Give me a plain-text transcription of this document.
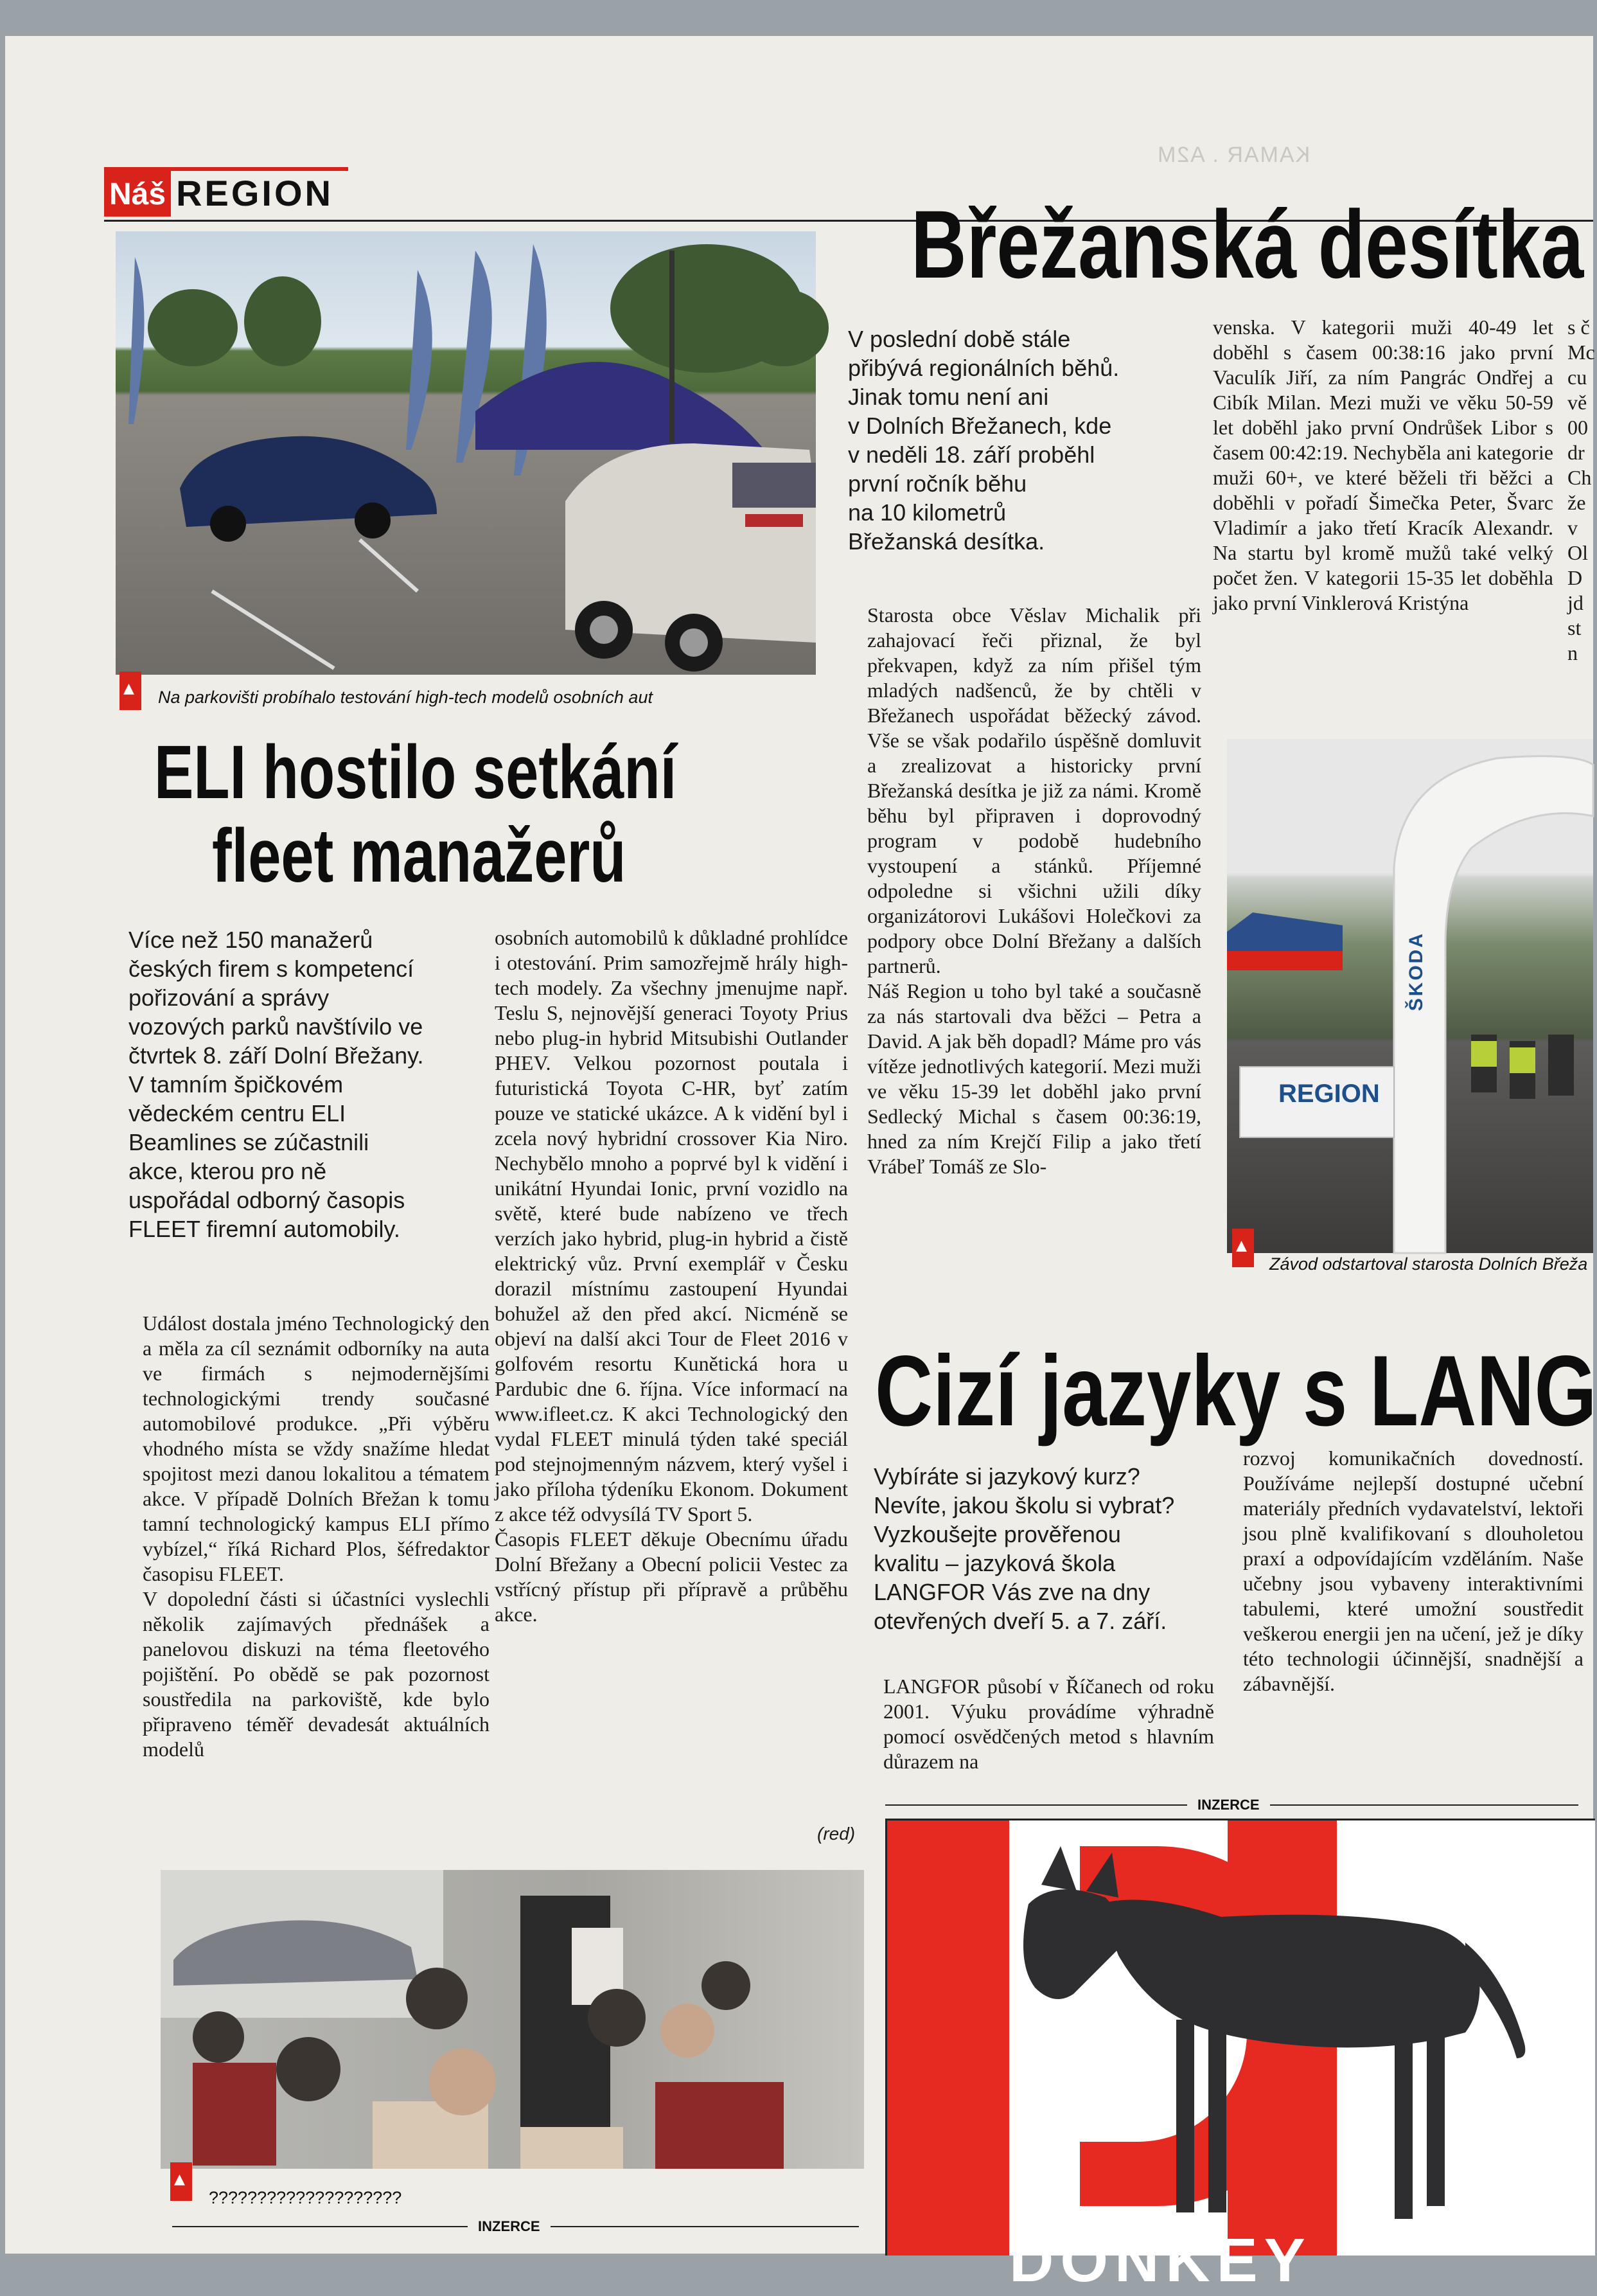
KAMAR . A2M
Náš REGION
▲
Na parkovišti probíhalo testování high-tech modelů osobních aut
ELI hostilo setkání
fleet manažerů
Více než 150 manažerů
českých firem s kompetencí
pořizování a správy
vozových parků navštívilo ve
čtvrtek 8. září Dolní Břežany.
V tamním špičkovém
vědeckém centru ELI
Beamlines se zúčastnili
akce, kterou pro ně
uspořádal odborný časopis
FLEET firemní automobily.

Událost dostala jméno Technologický den a měla za cíl seznámit odborníky na auta ve firmách s nejmodernějšími technologickými trendy současné automobilové produkce. „Při výběru vhodného místa se vždy snažíme hledat spojitost mezi danou lokalitou a tématem akce. V případě Dolních Břežan k tomu tamní technologický kampus ELI přímo vybízel,“ říká Richard Plos, šéfredaktor časopisu FLEET.

V dopolední části si účastníci vyslechli několik zajímavých přednášek a panelovou diskuzi na téma fleetového pojištění. Po obědě se pak pozornost soustředila na parkoviště, kde bylo připraveno téměř devadesát aktuálních modelů

osobních automobilů k důkladné prohlídce i otestování. Prim samozřejmě hrály high-tech modely. Za všechny jmenujme např. Teslu S, nejnovější generaci Toyoty Prius nebo plug-in hybrid Mitsubishi Outlander PHEV. Velkou pozornost poutala i futuristická Toyota C-HR, byť zatím pouze ve statické ukázce. A k vidění byl i zcela nový hybridní crossover Kia Niro. Nechybělo mnoho a poprvé byl k vidění i unikátní Hyundai Ionic, první vozidlo na světě, které bude nabízeno ve třech verzích jako hybrid, plug-in hybrid a čistě elektrický vůz. První exemplář v Česku dorazil místnímu zastoupení Hyundai bohužel až den před akcí. Nicméně se objeví na další akci Tour de Fleet 2016 v golfovém resortu Kunětická hora u Pardubic dne 6. října. Více informací na www.ifleet.cz. K akci Technologický den vydal FLEET minulá týden také speciál pod stejnojmenným názvem, který vyšel i jako příloha týdeníku Ekonom. Dokument z akce též odvysílá TV Sport 5.

Časopis FLEET děkuje Obecnímu úřadu Dolní Břežany a Obecní policii Vestec za vstřícný přístup při přípravě a průběhu akce.

(red)
▲
????????????????????
INZERCE
Břežanská desítka
V poslední době stále
přibývá regionálních běhů.
Jinak tomu není ani
v Dolních Břežanech, kde
v neděli 18. září proběhl
první ročník běhu
na 10 kilometrů
Břežanská desítka.

Starosta obce Věslav Michalik při zahajovací řeči přiznal, že byl překvapen, když za ním přišel tým mladých nadšenců, že by chtěli v Břežanech uspořádat běžecký závod. Vše se však podařilo úspěšně domluvit a zrealizovat a historicky první Břežanská desítka je již za námi. Kromě běhu byl připraven i doprovodný program v podobě hudebního vystoupení a stánků. Příjemné odpoledne si všichni užili díky organizátorovi Lukášovi Holečkovi za podpory obce Dolní Břežany a dalších partnerů.

Náš Region u toho byl také a současně za nás startovali dva běžci – Petra a David. A jak běh dopadl? Máme pro vás vítěze jednotlivých kategorií. Mezi muži ve věku 15-39 let doběhl jako první Sedlecký Michal s časem 00:36:19, hned za ním Krejčí Filip a jako třetí Vrábeľ Tomáš ze Slo-

venska. V kategorii muži 40-49 let doběhl s časem 00:38:16 jako první Vaculík Jiří, za ním Pangrác Ondřej a Cibík Milan. Mezi muži ve věku 50-59 let doběhl jako první Ondrůšek Libor s časem 00:42:19. Nechyběla ani kategorie muži 60+, ve které běželi tři běžci a doběhli v pořadí Šimečka Peter, Švarc Vladimír a jako třetí Kracík Alexandr. Na startu byl kromě mužů také velký počet žen. V kategorii 15-35 let doběhla jako první Vinklerová Kristýna

s č
Mc
cu
vě
00
dr
Ch
že
v
Ol
D
jd
st
n
ŠKODA
REGION
▲
Závod odstartoval starosta Dolních Břeža
Cizí jazyky s LANG
Vybíráte si jazykový kurz?
Nevíte, jakou školu si vybrat?
Vyzkoušejte prověřenou
kvalitu – jazyková škola
LANGFOR Vás zve na dny
otevřených dveří 5. a 7. září.

LANGFOR působí v Říčanech od roku 2001. Výuku provádíme výhradně pomocí osvědčených metod s hlavním důrazem na

rozvoj komunikačních dovedností. Používáme nejlepší dostupné učební materiály předních vydavatelství, lektoři jsou plně kvalifikovaní s dlouholetou praxí a odpovídajícím vzděláním. Naše učebny jsou vybaveny interaktivními tabulemi, které umožní soustředit veškerou energii jen na učení, jež je díky této technologii účinnější, snadnější a zábavnější.

INZERCE
DONKEY
